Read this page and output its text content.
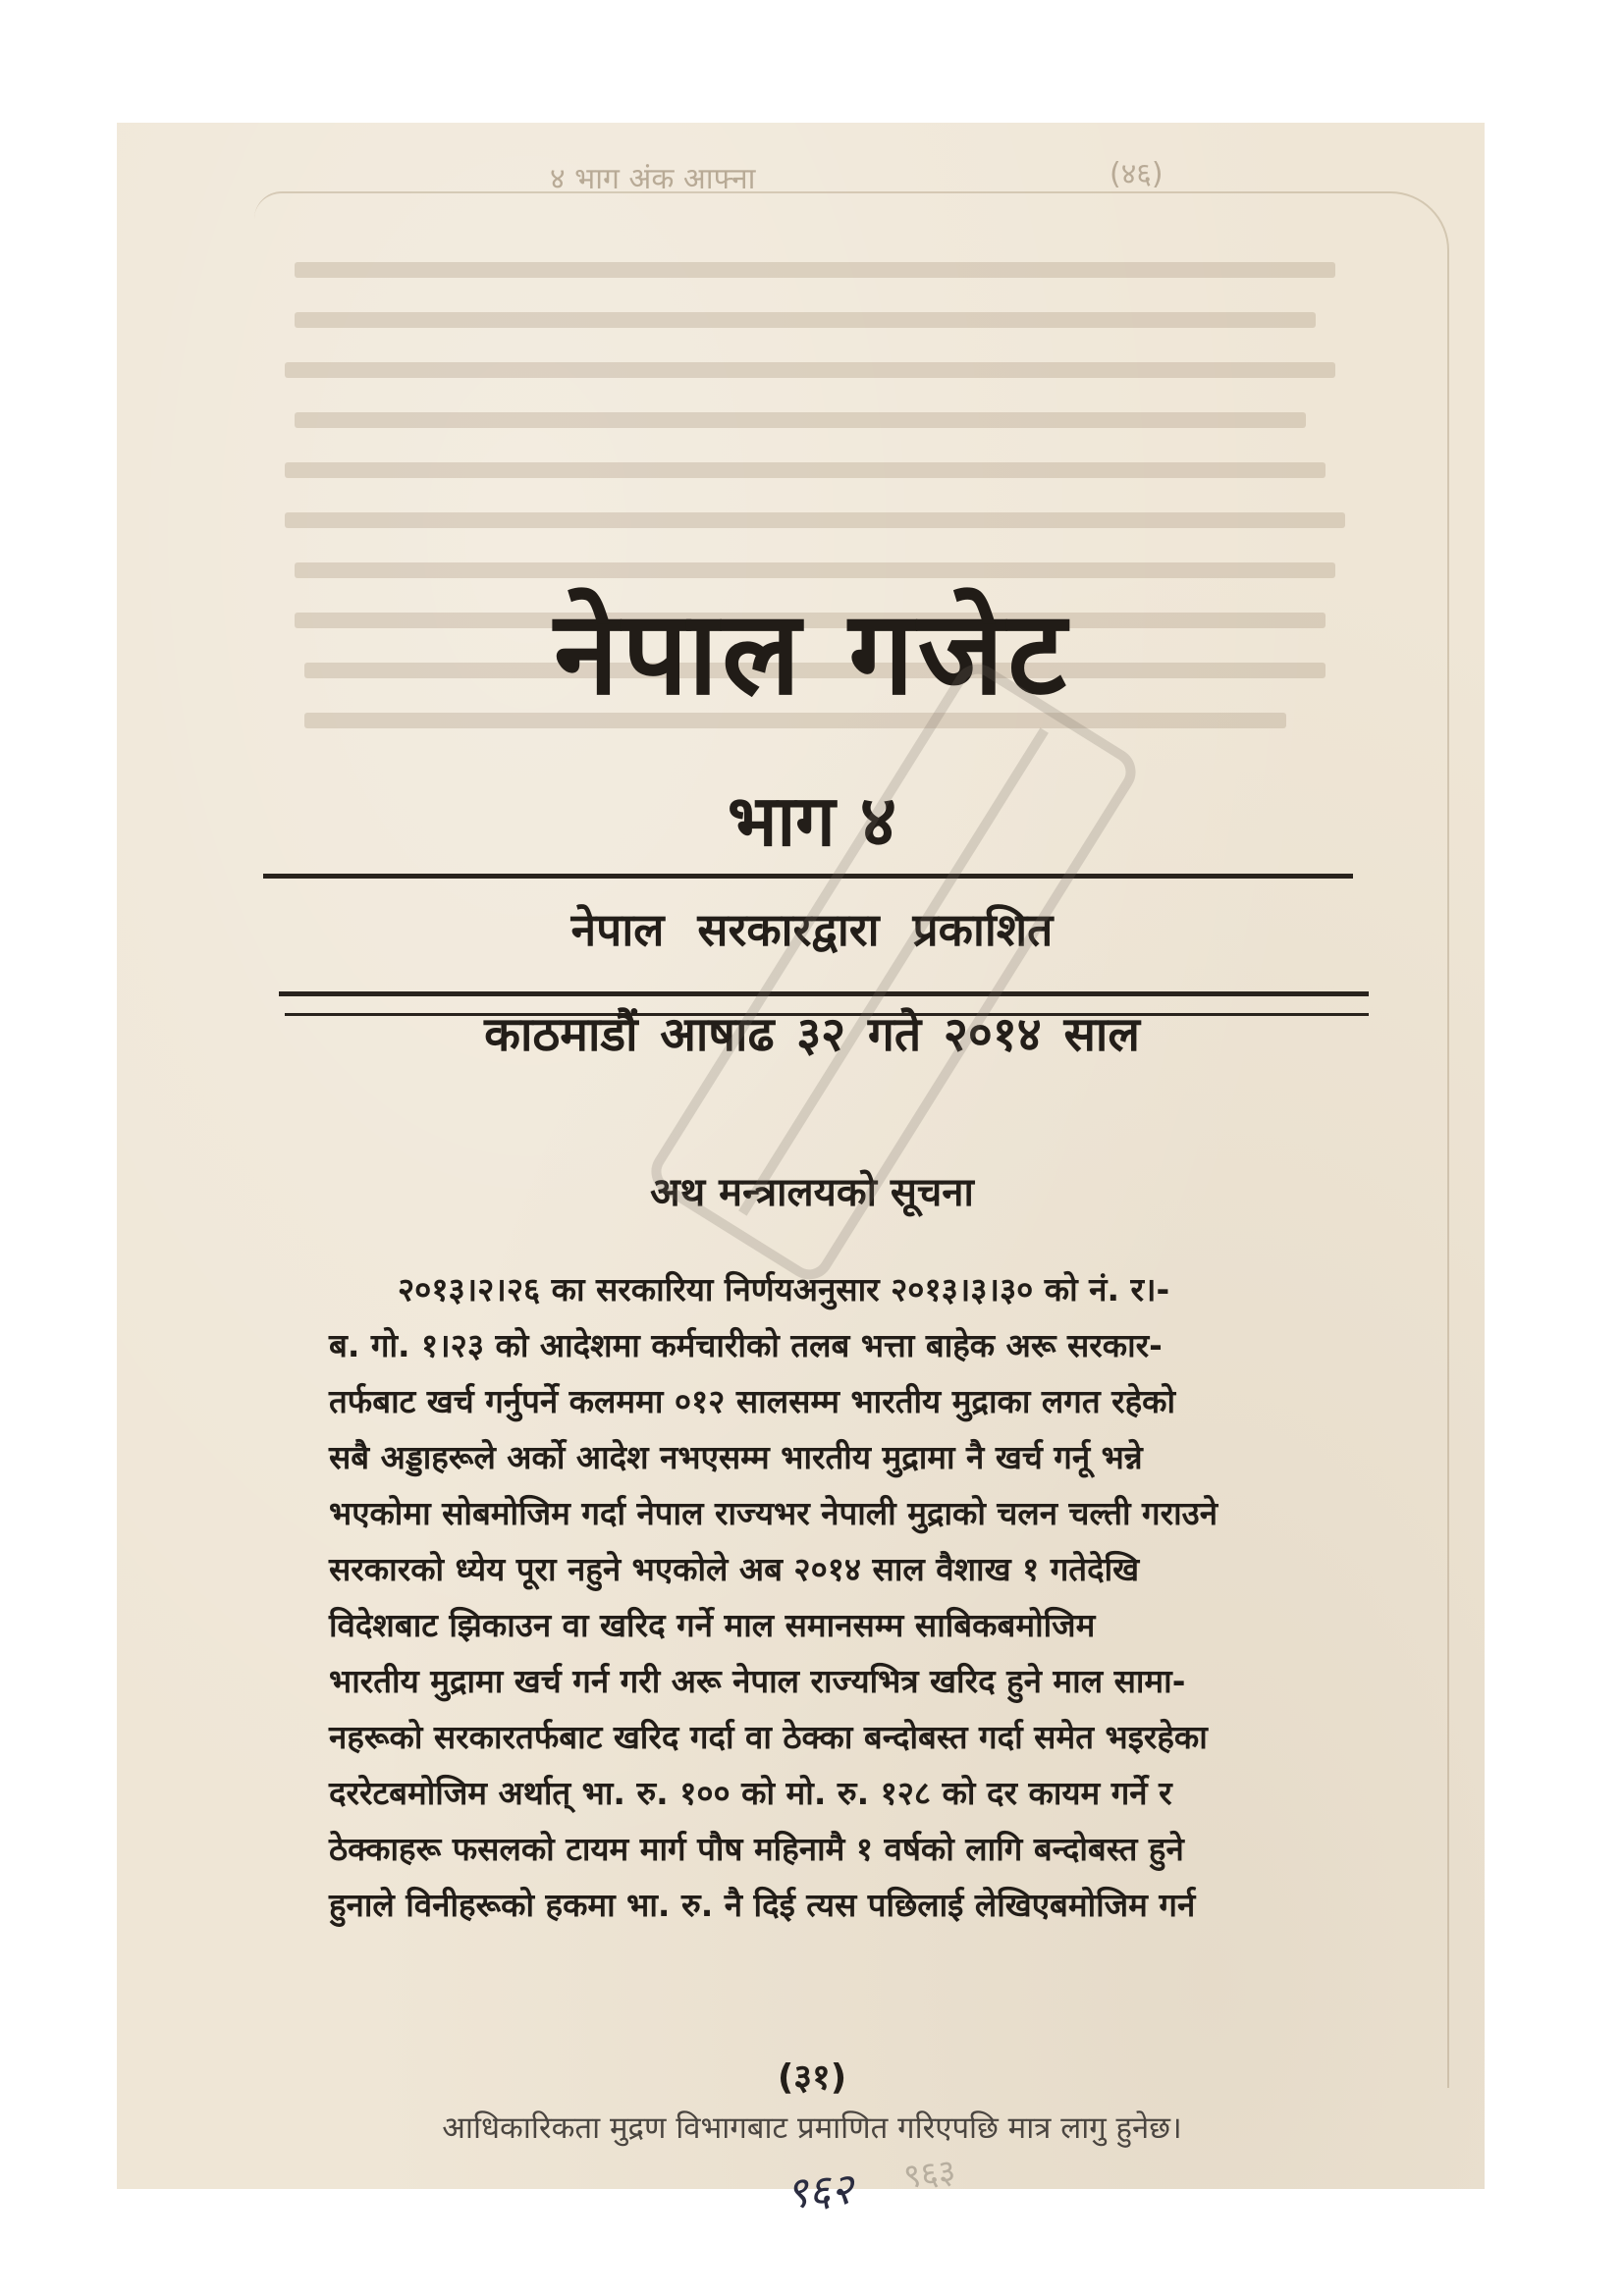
४ भाग अंक आफ्ना	(४६)
नेपाल गजेट
भाग ४
नेपाल सरकारद्वारा प्रकाशित
काठमाडौं आषाढ ३२ गते २०१४ साल
अथ मन्त्रालयको सूचना
२०१३।२।२६ का सरकारिया निर्णयअनुसार २०१३।३।३० को नं. र।-
ब. गो. १।२३ को आदेशमा कर्मचारीको तलब भत्ता बाहेक अरू सरकार-
तर्फबाट खर्च गर्नुपर्ने कलममा ०१२ सालसम्म भारतीय मुद्राका लगत रहेको
सबै अड्डाहरूले अर्को आदेश नभएसम्म भारतीय मुद्रामा नै खर्च गर्नू भन्ने
भएकोमा सोबमोजिम गर्दा नेपाल राज्यभर नेपाली मुद्राको चलन चल्ती गराउने
सरकारको ध्येय पूरा नहुने भएकोले अब २०१४ साल वैशाख १ गतेदेखि
विदेशबाट झिकाउन वा खरिद गर्ने माल समानसम्म साबिकबमोजिम
भारतीय मुद्रामा खर्च गर्न गरी अरू नेपाल राज्यभित्र खरिद हुने माल सामा-
नहरूको सरकारतर्फबाट खरिद गर्दा वा ठेक्का बन्दोबस्त गर्दा समेत भइरहेका
दररेटबमोजिम अर्थात् भा. रु. १०० को मो. रु. १२८ को दर कायम गर्ने र
ठेक्काहरू फसलको टायम मार्ग पौष महिनामै १ वर्षको लागि बन्दोबस्त हुने
हुनाले विनीहरूको हकमा भा. रु. नै दिई त्यस पछिलाई लेखिएबमोजिम गर्न
(३१)
आधिकारिकता मुद्रण विभागबाट प्रमाणित गरिएपछि मात्र लागु हुनेछ।
९६३
९६२
